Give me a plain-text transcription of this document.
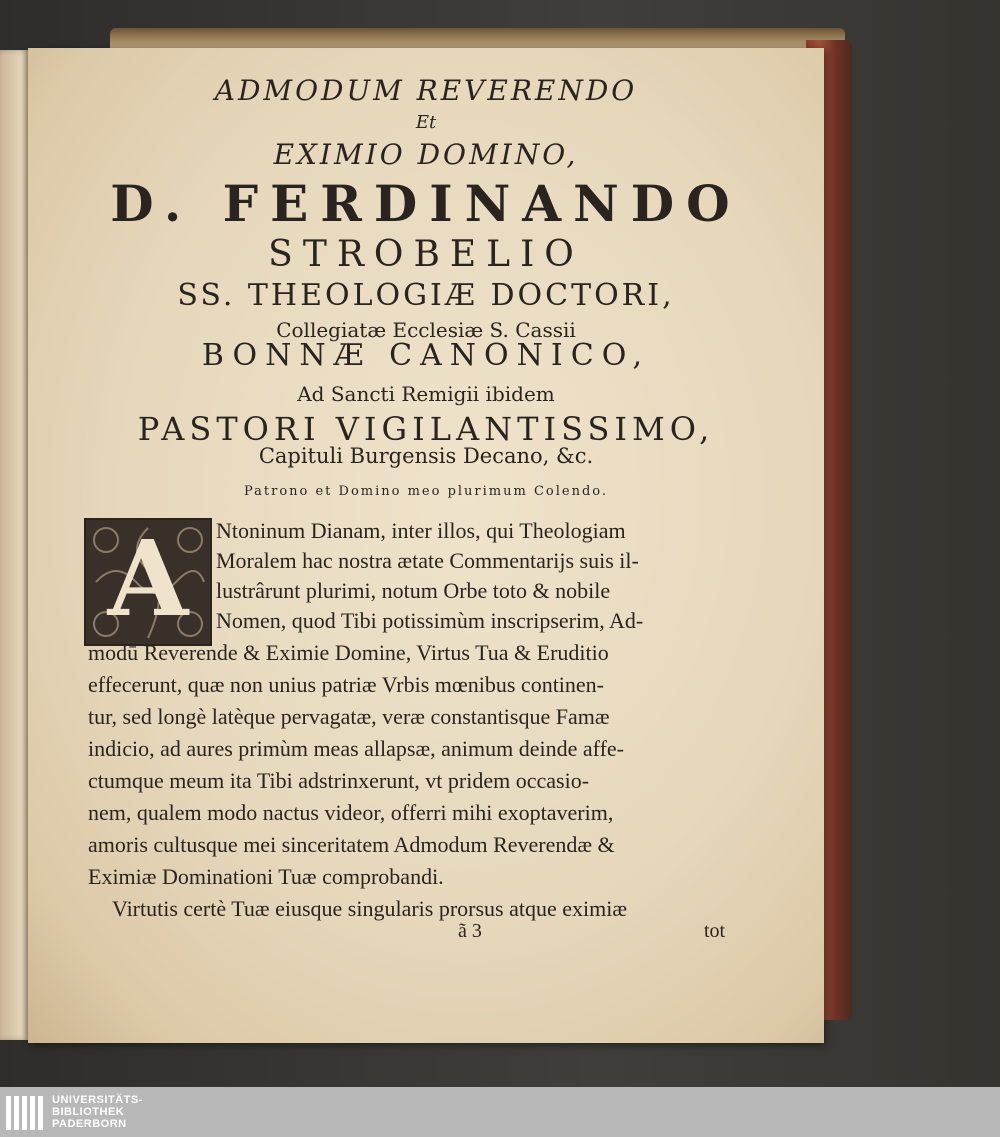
ADMODUM REVERENDO
Et
EXIMIO DOMINO,
D. FERDINANDO
STROBELIO
SS. THEOLOGIÆ DOCTORI,
Collegiatæ Ecclesiæ S. Cassii
BONNÆ CANONICO,
Ad Sancti Remigii ibidem
PASTORI VIGILANTISSIMO,
Capituli Burgensis Decano, &c.
Patrono et Domino meo plurimum Colendo.
A	Ntoninum Dianam, inter illos, qui Theologiam
Moralem hac nostra ætate Commentarijs suis il-
lustrârunt plurimi, notum Orbe toto & nobile
Nomen, quod Tibi potissimùm inscripserim, Ad-
modū Reverende & Eximie Domine, Virtus Tua & Eruditio
effecerunt, quæ non unius patriæ Vrbis mœnibus continen-
tur, sed longè latèque pervagatæ, veræ constantisque Famæ
indicio, ad aures primùm meas allapsæ, animum deinde affe-
ctumque meum ita Tibi adstrinxerunt, vt pridem occasio-
nem, qualem modo nactus videor, offerri mihi exoptaverim,
amoris cultusque mei sinceritatem Admodum Reverendæ &
Eximiæ Dominationi Tuæ comprobandi.
Virtutis certè Tuæ eiusque singularis prorsus atque eximiæ
ã 3	tot
UNIVERSITÄTS-
BIBLIOTHEK
PADERBORN
